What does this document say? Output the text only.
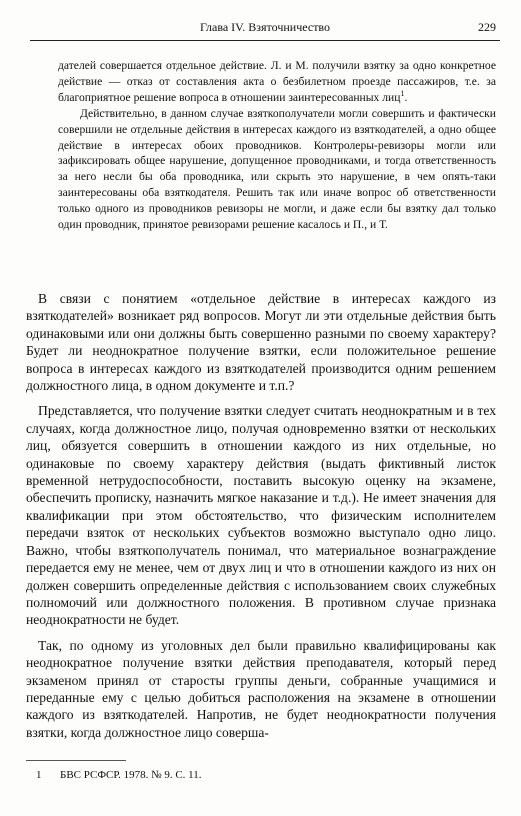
Глава IV. Взяточничество	229

дателей совершается отдельное действие. Л. и М. получили взятку за одно конкретное действие — отказ от составления акта о безбилетном проезде пассажиров, т.е. за благоприятное решение вопроса в отношении заинтересованных лиц$^1$.

Действительно, в данном случае взяткополучатели могли совершить и фактически совершили не отдельные действия в интересах каждого из взяткодателей, а одно общее действие в интересах обоих проводников. Контролеры-ревизоры могли или зафиксировать общее нарушение, допущенное проводниками, и тогда ответственность за него несли бы оба проводника, или скрыть это нарушение, в чем опять-таки заинтересованы оба взяткодателя. Решить так или иначе вопрос об ответственности только одного из проводников ревизоры не могли, и даже если бы взятку дал только один проводник, принятое ревизорами решение касалось и П., и Т.

В связи с понятием «отдельное действие в интересах каждого из взяткодателей» возникает ряд вопросов. Могут ли эти отдельные действия быть одинаковыми или они должны быть совершенно разными по своему характеру? Будет ли неоднократное получение взятки, если положительное решение вопроса в интересах каждого из взяткодателей производится одним решением должностного лица, в одном документе и т.п.?

Представляется, что получение взятки следует считать неоднократным и в тех случаях, когда должностное лицо, получая одновременно взятки от нескольких лиц, обязуется совершить в отношении каждого из них отдельные, но одинаковые по своему характеру действия (выдать фиктивный листок временной нетрудоспособности, поставить высокую оценку на экзамене, обеспечить прописку, назначить мягкое наказание и т.д.). Не имеет значения для квалификации при этом обстоятельство, что физическим исполнителем передачи взяток от нескольких субъектов возможно выступало одно лицо. Важно, чтобы взяткополучатель понимал, что материальное вознаграждение передается ему не менее, чем от двух лиц и что в отношении каждого из них он должен совершить определенные действия с использованием своих служебных полномочий или должностного положения. В противном случае признака неоднократности не будет.

Так, по одному из уголовных дел были правильно квалифицированы как неоднократное получение взятки действия преподавателя, который перед экзаменом принял от старосты группы деньги, собранные учащимися и переданные ему с целью добиться расположения на экзамене в отношении каждого из взяткодателей. Напротив, не будет неоднократности получения взятки, когда должностное лицо соверша-

1 БВС РСФСР. 1978. № 9. С. 11.
